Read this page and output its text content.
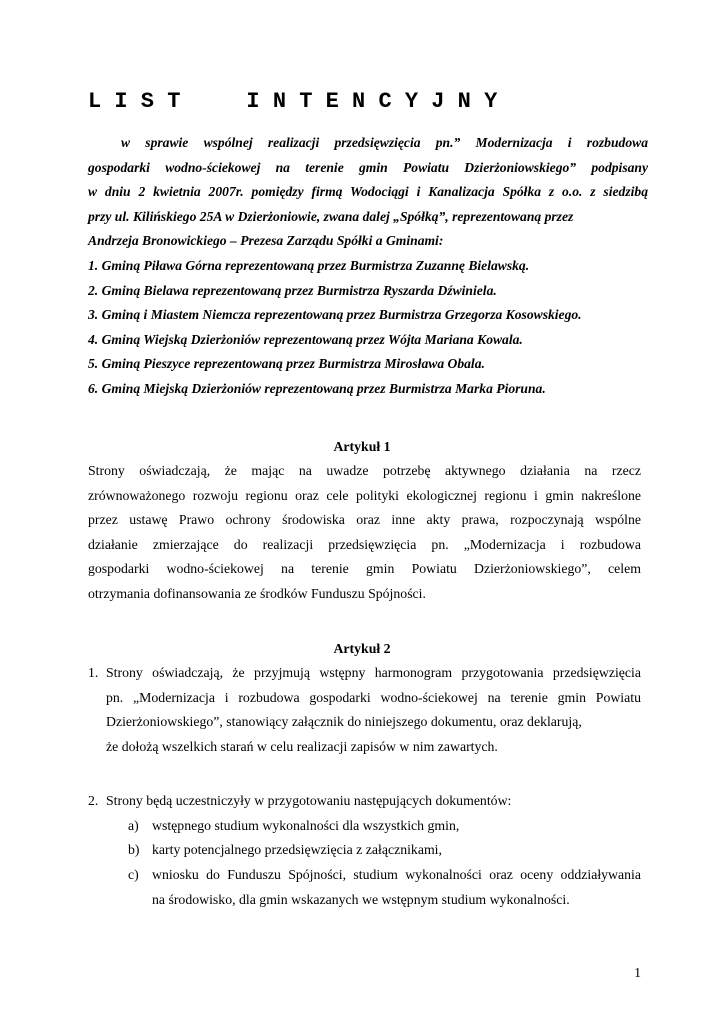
L I S T     I N T E N C Y J N Y
w sprawie wspólnej realizacji przedsięwzięcia pn.” Modernizacja i rozbudowa
gospodarki wodno-ściekowej na terenie gmin Powiatu Dzierżoniowskiego” podpisany
w dniu 2 kwietnia 2007r. pomiędzy firmą Wodociągi i Kanalizacja Spółka z o.o. z siedzibą
przy ul. Kilińskiego 25A w Dzierżoniowie, zwana dalej „Spółką”, reprezentowaną przez
Andrzeja Bronowickiego – Prezesa Zarządu Spółki a Gminami:
1. Gminą Piława Górna reprezentowaną przez Burmistrza Zuzannę Bielawską.
2. Gminą Bielawa reprezentowaną przez Burmistrza Ryszarda Dźwiniela.
3. Gminą i Miastem Niemcza reprezentowaną przez Burmistrza Grzegorza Kosowskiego.
4. Gminą Wiejską Dzierżoniów reprezentowaną przez Wójta Mariana Kowala.
5. Gminą Pieszyce reprezentowaną przez Burmistrza Mirosława Obala.
6. Gminą Miejską Dzierżoniów reprezentowaną przez Burmistrza Marka Pioruna.
Artykuł 1
Strony oświadczają, że mając na uwadze potrzebę aktywnego działania na rzecz
zrównoważonego rozwoju regionu oraz cele polityki ekologicznej regionu i gmin nakreślone
przez ustawę Prawo ochrony środowiska oraz inne akty prawa, rozpoczynają wspólne
działanie zmierzające do realizacji przedsięwzięcia pn. „Modernizacja i rozbudowa
gospodarki wodno-ściekowej na terenie gmin Powiatu Dzierżoniowskiego”, celem
otrzymania dofinansowania ze środków Funduszu Spójności.
Artykuł 2
1. Strony oświadczają, że przyjmują wstępny harmonogram przygotowania przedsięwzięcia
pn. „Modernizacja i rozbudowa gospodarki wodno-ściekowej na terenie gmin Powiatu
Dzierżoniowskiego”, stanowiący załącznik do niniejszego dokumentu, oraz deklarują,
że dołożą wszelkich starań w celu realizacji zapisów w nim zawartych.
2. Strony będą uczestniczyły w przygotowaniu następujących dokumentów:
a) wstępnego studium wykonalności dla wszystkich gmin,
b) karty potencjalnego przedsięwzięcia z załącznikami,
c) wniosku do Funduszu Spójności, studium wykonalności oraz oceny oddziaływania
na środowisko, dla gmin wskazanych we wstępnym studium wykonalności.
1
